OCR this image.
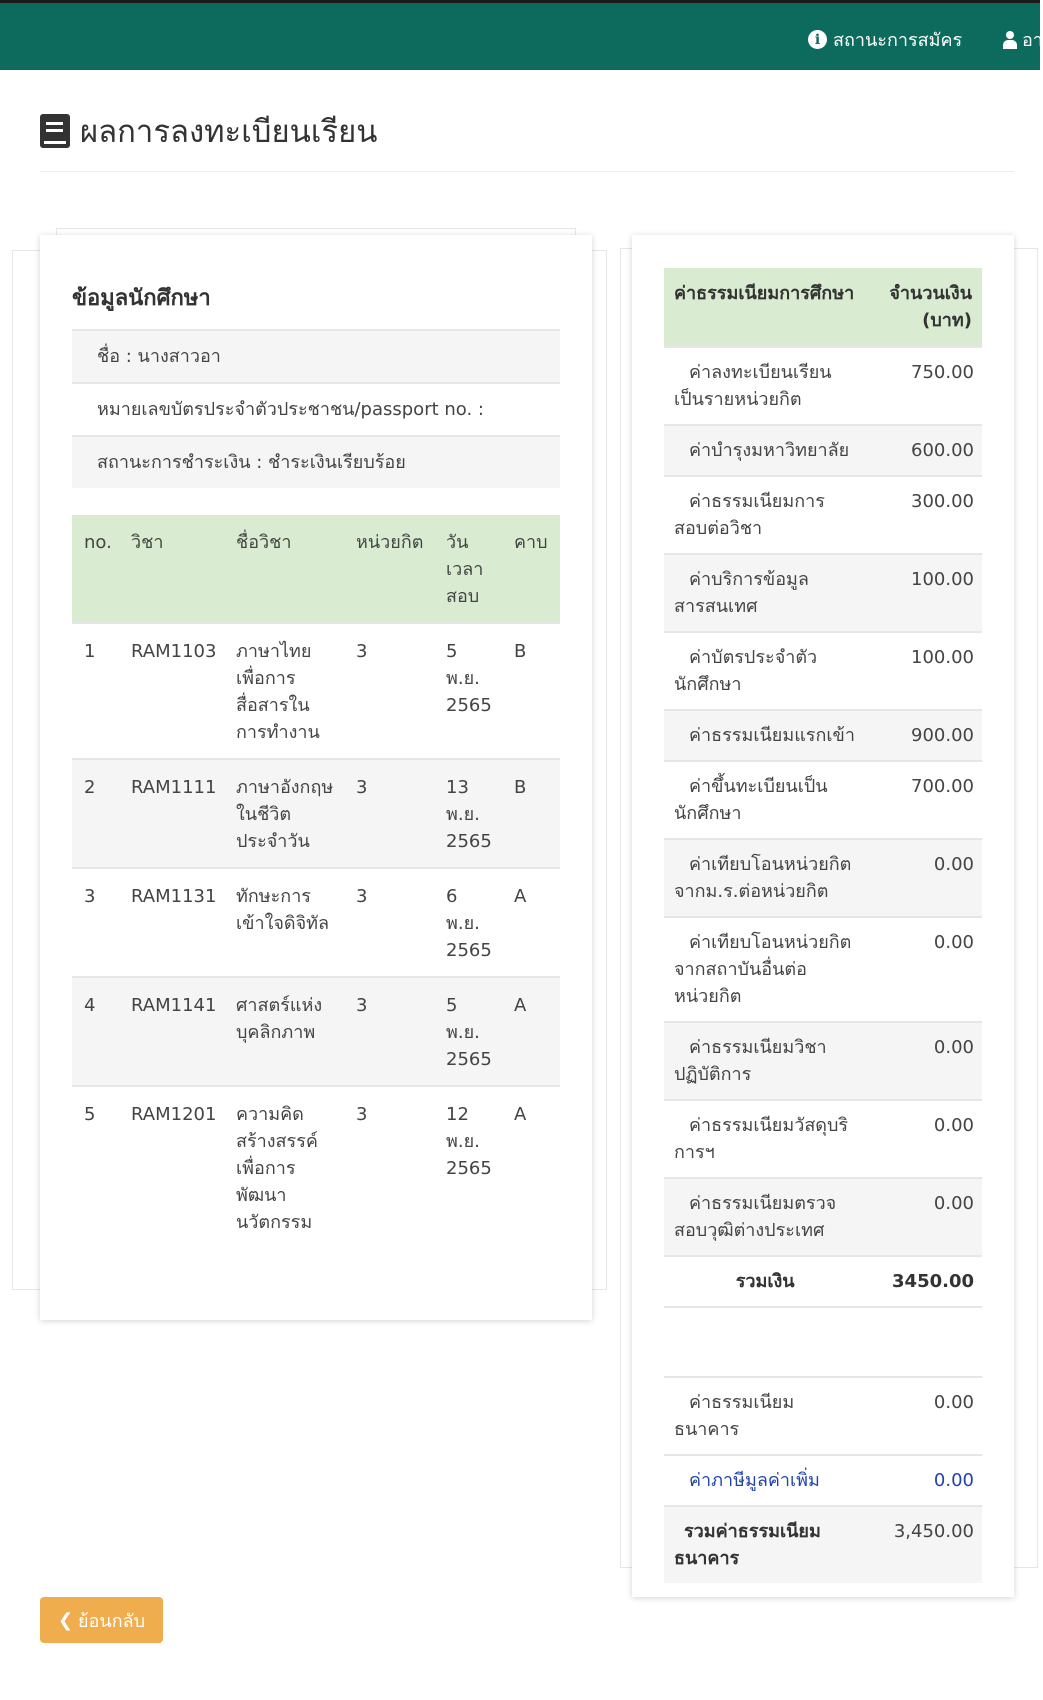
i สถานะการสมัคร	อา
ผลการลงทะเบียนเรียน
ข้อมูลนักศึกษา
ชื่อ : นางสาวอา
หมายเลขบัตรประจำตัวประชาชน/passport no. :
สถานะการชำระเงิน : ชำระเงินเรียบร้อย
no.	วิชา	ชื่อวิชา	หน่วยกิต	วันเวลาสอบ	คาบ
1	RAM1103	ภาษาไทยเพื่อการสื่อสารในการทำงาน	3	5 พ.ย. 2565	B
2	RAM1111	ภาษาอังกฤษในชีวิตประจำวัน	3	13 พ.ย. 2565	B
3	RAM1131	ทักษะการเข้าใจดิจิทัล	3	6 พ.ย. 2565	A
4	RAM1141	ศาสตร์แห่งบุคลิกภาพ	3	5 พ.ย. 2565	A
5	RAM1201	ความคิดสร้างสรรค์เพื่อการพัฒนานวัตกรรม	3	12 พ.ย. 2565	A
ค่าธรรมเนียมการศึกษา	จำนวนเงิน (บาท)
ค่าลงทะเบียนเรียนเป็นรายหน่วยกิต	750.00
ค่าบำรุงมหาวิทยาลัย	600.00
ค่าธรรมเนียมการสอบต่อวิชา	300.00
ค่าบริการข้อมูลสารสนเทศ	100.00
ค่าบัตรประจำตัวนักศึกษา	100.00
ค่าธรรมเนียมแรกเข้า	900.00
ค่าขึ้นทะเบียนเป็นนักศึกษา	700.00
ค่าเทียบโอนหน่วยกิตจากม.ร.ต่อหน่วยกิต	0.00
ค่าเทียบโอนหน่วยกิตจากสถาบันอื่นต่อหน่วยกิต	0.00
ค่าธรรมเนียมวิชาปฏิบัติการ	0.00
ค่าธรรมเนียมวัสดุบริการฯ	0.00
ค่าธรรมเนียมตรวจสอบวุฒิต่างประเทศ	0.00
รวมเงิน	3450.00

ค่าธรรมเนียมธนาคาร	0.00
ค่าภาษีมูลค่าเพิ่ม	0.00
รวมค่าธรรมเนียมธนาคาร	3,450.00
❮ ย้อนกลับ
